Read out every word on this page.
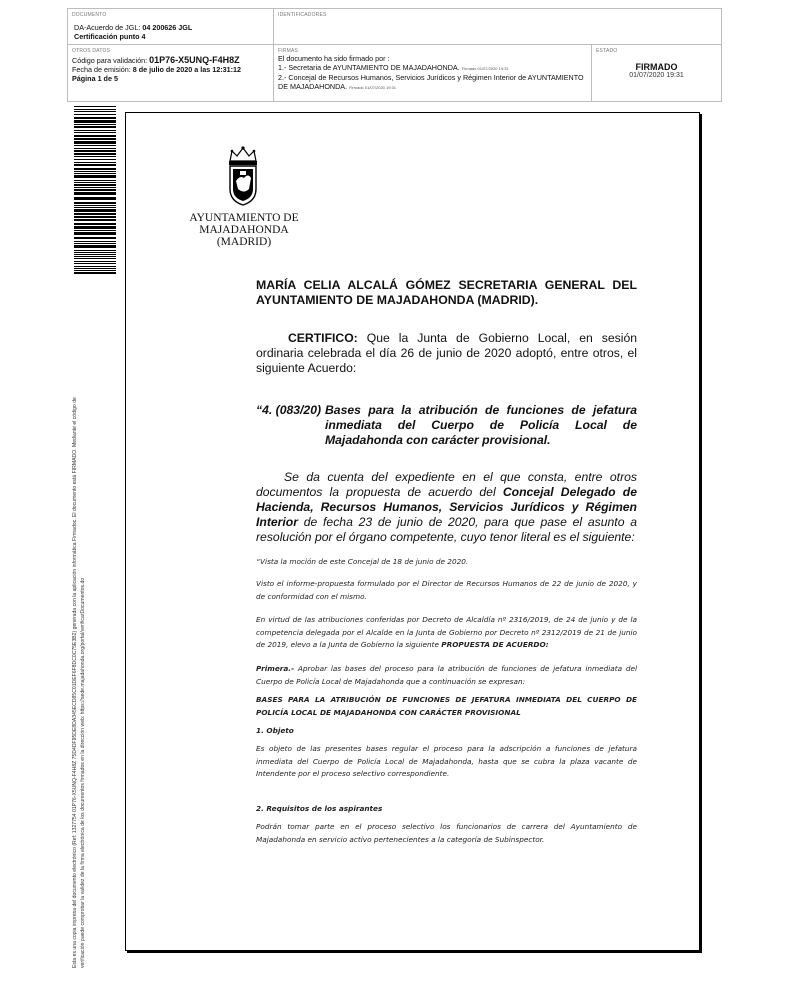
DOCUMENTO
DA-Acuerdo de JGL: 04 200626 JGL
Certificación punto 4
IDENTIFICADORES
OTROS DATOS
Código para validación: 01P76-X5UNQ-F4H8Z
Fecha de emisión: 8 de julio de 2020 a las 12:31:12
Página 1 de 5
FIRMAS
El documento ha sido firmado por :
1.- Secretaria de AYUNTAMIENTO DE MAJADAHONDA. Firmado 01/07/2020 19:31
2.- Concejal de Recursos Humanos, Servicios Jurídicos y Régimen Interior de AYUNTAMIENTO DE MAJADAHONDA. Firmado 01/07/2020 19:31
ESTADO
FIRMADO
01/07/2020 19:31
Esta es una copia impresa del documento electrónico (Ref: 1327754 01P76-X5UNQ-F4H8Z 75D4DF95DE8DA345ECD85C01DEF6F8DC0C75E3B2) generada con la aplicación informática Firmadoc. El documento está FIRMADO. Mediante el código de verificación puede comprobar la validez de la firma electrónica de los documentos firmados en la dirección web: https://sede.majadahonda.org/portal/verificarDocumentos.do
AYUNTAMIENTO DE
MAJADAHONDA
(MADRID)
MARÍA CELIA ALCALÁ GÓMEZ SECRETARIA GENERAL DEL AYUNTAMIENTO DE MAJADAHONDA (MADRID).
CERTIFICO: Que la Junta de Gobierno Local, en sesión ordinaria celebrada el día 26 de junio de 2020 adoptó, entre otros, el siguiente Acuerdo:
“4. (083/20) Bases para la atribución de funciones de jefatura inmediata del Cuerpo de Policía Local de Majadahonda con carácter provisional.
Se da cuenta del expediente en el que consta, entre otros documentos la propuesta de acuerdo del Concejal Delegado de Hacienda, Recursos Humanos, Servicios Jurídicos y Régimen Interior de fecha 23 de junio de 2020, para que pase el asunto a resolución por el órgano competente, cuyo tenor literal es el siguiente:
“Vista la moción de este Concejal de 18 de junio de 2020.
Visto el informe-propuesta formulado por el Director de Recursos Humanos de 22 de junio de 2020, y de conformidad con el mismo.
En virtud de las atribuciones conferidas por Decreto de Alcaldía nº 2316/2019, de 24 de junio y de la competencia delegada por el Alcalde en la Junta de Gobierno por Decreto nº 2312/2019 de 21 de junio de 2019, elevo a la Junta de Gobierno la siguiente PROPUESTA DE ACUERDO:
Primera.- Aprobar las bases del proceso para la atribución de funciones de jefatura inmediata del Cuerpo de Policía Local de Majadahonda que a continuación se expresan:
BASES PARA LA ATRIBUCIÓN DE FUNCIONES DE JEFATURA INMEDIATA DEL CUERPO DE POLICÍA LOCAL DE MAJADAHONDA CON CARÁCTER PROVISIONAL
1. Objeto
Es objeto de las presentes bases regular el proceso para la adscripción a funciones de jefatura inmediata del Cuerpo de Policía Local de Majadahonda, hasta que se cubra la plaza vacante de Intendente por el proceso selectivo correspondiente.
2. Requisitos de los aspirantes
Podrán tomar parte en el proceso selectivo los funcionarios de carrera del Ayuntamiento de Majadahonda en servicio activo pertenecientes a la categoría de Subinspector.
